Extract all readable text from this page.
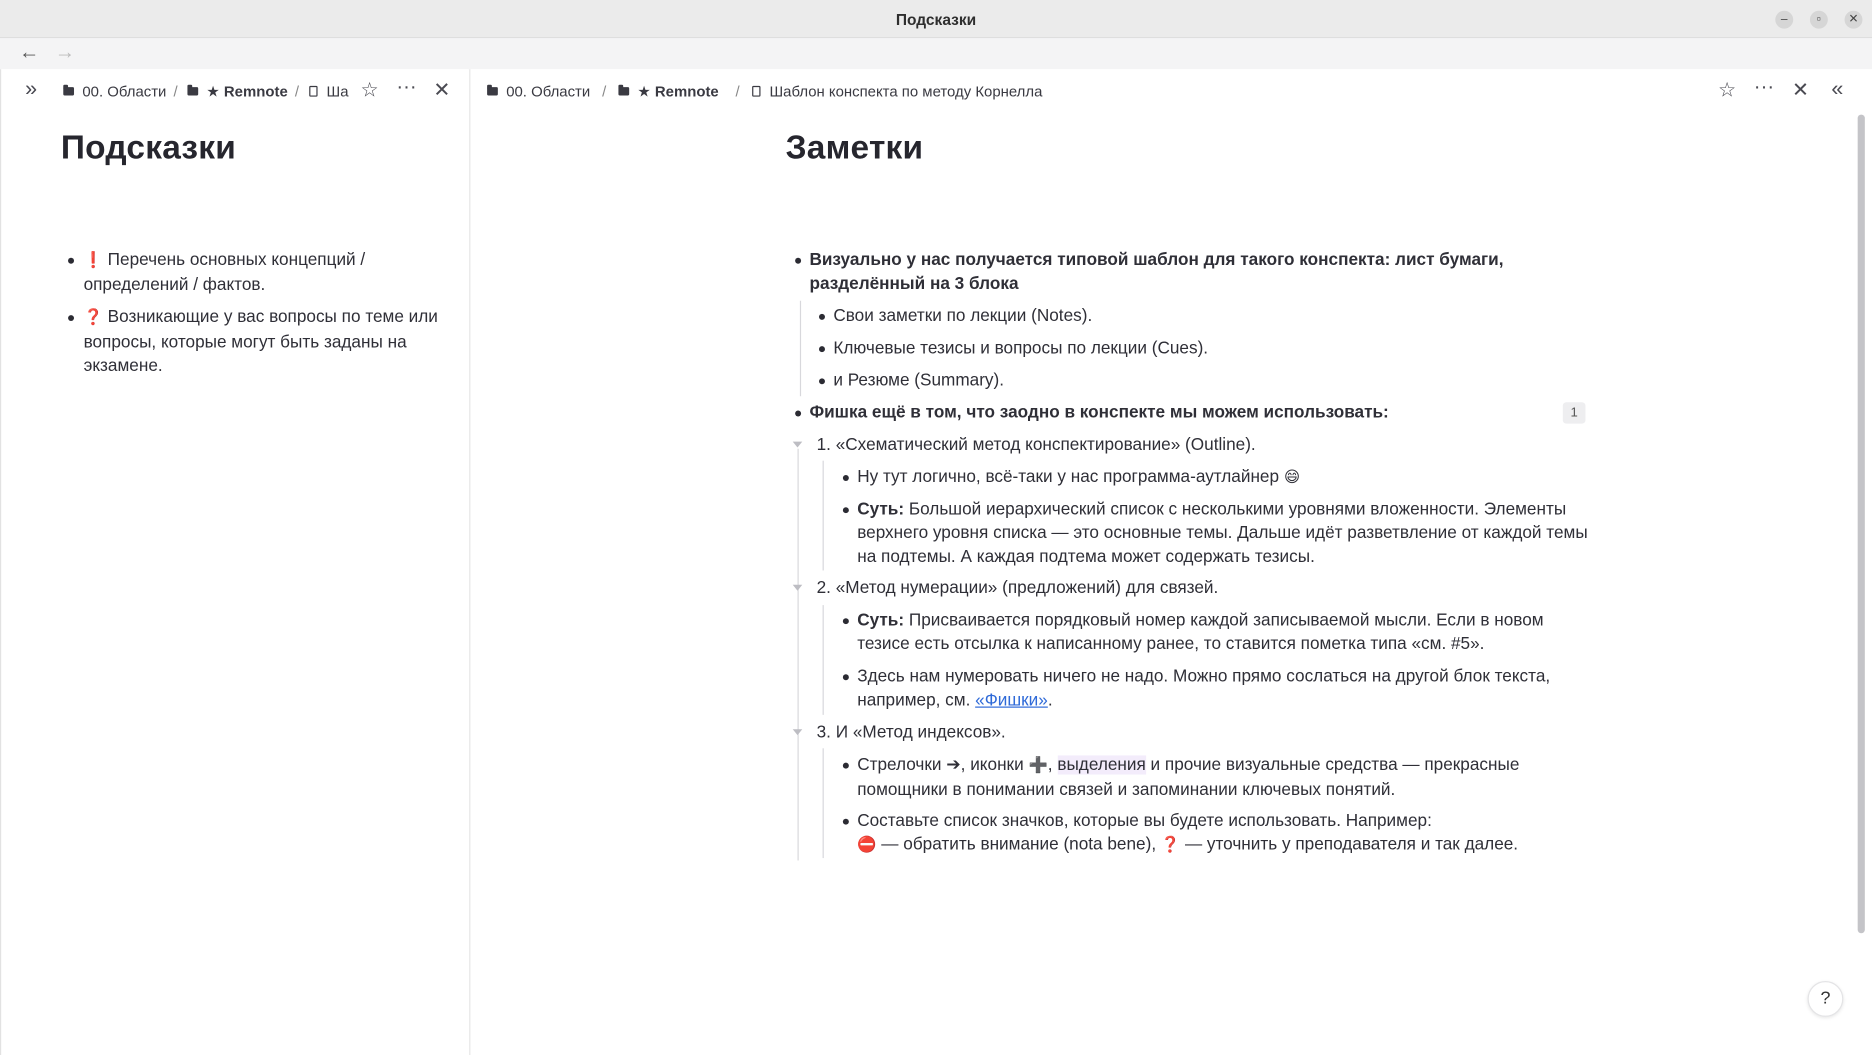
Подсказки	–	▫	✕
← →
»	00. Области / ★ Remnote / Ша ☆ ··· ✕
Подсказки
❗ Перечень основных концепций / определений / фактов.
❓ Возникающие у вас вопросы по теме или вопросы, которые могут быть заданы на экзамене.
00. Области / ★ Remnote / Шаблон конспекта по методу Корнелла	☆ ··· ✕ «
Заметки
Визуально у нас получается типовой шаблон для такого конспекта: лист бумаги, разделённый на 3 блока
Свои заметки по лекции (Notes).
Ключевые тезисы и вопросы по лекции (Cues).
и Резюме (Summary).
Фишка ещё в том, что заодно в конспекте мы можем использовать:	1
1. «Схематический метод конспектирование» (Outline).
Ну тут логично, всё-таки у нас программа-аутлайнер 😄
Суть: Большой иерархический список с несколькими уровнями вложенности. Элементы верхнего уровня списка — это основные темы. Дальше идёт разветвление от каждой темы на подтемы. А каждая подтема может содержать тезисы.
2. «Метод нумерации» (предложений) для связей.
Суть: Присваивается порядковый номер каждой записываемой мысли. Если в новом тезисе есть отсылка к написанному ранее, то ставится пометка типа «см. #5».
Здесь нам нумеровать ничего не надо. Можно прямо сослаться на другой блок текста, например, см. «Фишки».
3. И «Метод индексов».
Стрелочки ➔, иконки ➕, выделения и прочие визуальные средства — прекрасные помощники в понимании связей и запоминании ключевых понятий.
Составьте список значков, которые вы будете использовать. Например:
⛔ — обратить внимание (nota bene), ❓ — уточнить у преподавателя и так далее.
?
